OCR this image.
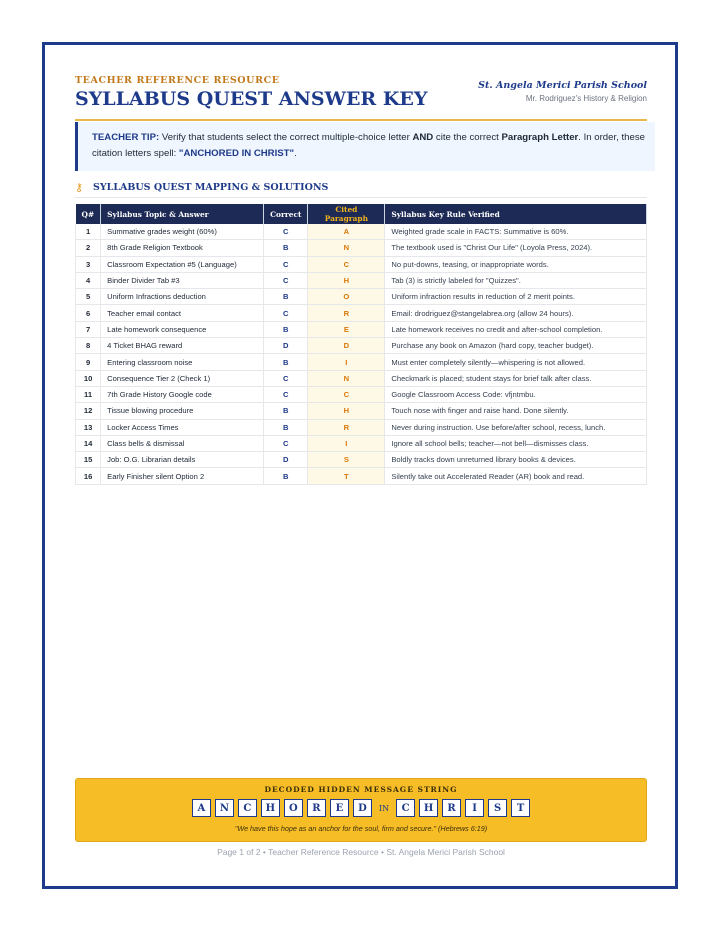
TEACHER REFERENCE RESOURCE
SYLLABUS QUEST ANSWER KEY
St. Angela Merici Parish School
Mr. Rodriguez's History & Religion
TEACHER TIP: Verify that students select the correct multiple-choice letter AND cite the correct Paragraph Letter. In order, these citation letters spell: "ANCHORED IN CHRIST".
⚷ SYLLABUS QUEST MAPPING & SOLUTIONS
Q#	Syllabus Topic & Answer	Correct	Cited Paragraph	Syllabus Key Rule Verified
1	Summative grades weight (60%)	C	A	Weighted grade scale in FACTS: Summative is 60%.
2	8th Grade Religion Textbook	B	N	The textbook used is "Christ Our Life" (Loyola Press, 2024).
3	Classroom Expectation #5 (Language)	C	C	No put-downs, teasing, or inappropriate words.
4	Binder Divider Tab #3	C	H	Tab (3) is strictly labeled for "Quizzes".
5	Uniform Infractions deduction	B	O	Uniform infraction results in reduction of 2 merit points.
6	Teacher email contact	C	R	Email: drodriguez@stangelabrea.org (allow 24 hours).
7	Late homework consequence	B	E	Late homework receives no credit and after-school completion.
8	4 Ticket BHAG reward	D	D	Purchase any book on Amazon (hard copy, teacher budget).
9	Entering classroom noise	B	I	Must enter completely silently—whispering is not allowed.
10	Consequence Tier 2 (Check 1)	C	N	Checkmark is placed; student stays for brief talk after class.
11	7th Grade History Google code	C	C	Google Classroom Access Code: vfjntmbu.
12	Tissue blowing procedure	B	H	Touch nose with finger and raise hand. Done silently.
13	Locker Access Times	B	R	Never during instruction. Use before/after school, recess, lunch.
14	Class bells & dismissal	C	I	Ignore all school bells; teacher—not bell—dismisses class.
15	Job: O.G. Librarian details	D	S	Boldly tracks down unreturned library books & devices.
16	Early Finisher silent Option 2	B	T	Silently take out Accelerated Reader (AR) book and read.
DECODED HIDDEN MESSAGE STRING
A	N	C	H	O	R	E	D	IN	C	H	R	I	S	T
"We have this hope as an anchor for the soul, firm and secure." (Hebrews 6:19)
Page 1 of 2 • Teacher Reference Resource • St. Angela Merici Parish School
